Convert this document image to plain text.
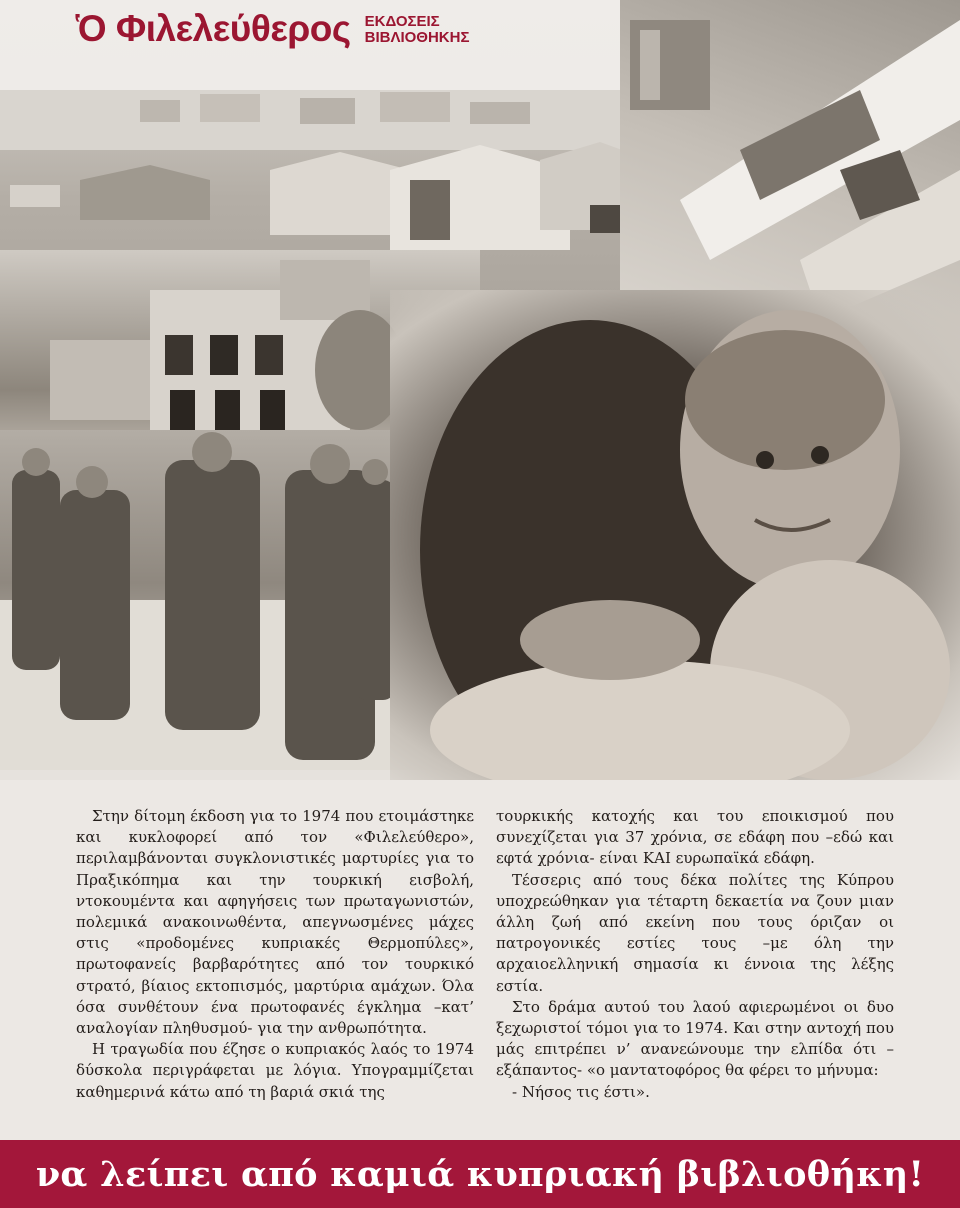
Ὁ Φιλελεύθερος ΕΚΔΟΣΕΙΣ
ΒΙΒΛΙΟΘΗΚΗΣ

Στην δίτομη έκδοση για το 1974 που ετοιμάστηκε και κυκλοφορεί από τον «Φιλελεύθερο», περιλαμβάνονται συγκλονιστικές μαρτυρίες για το Πραξικόπημα και την τουρκική εισβολή, ντοκουμέντα και αφηγήσεις των πρωταγωνιστών, πολεμικά ανακοινωθέντα, απεγνωσμένες μάχες στις «προδομένες κυπριακές Θερμοπύλες», πρωτοφανείς βαρβαρότητες από τον τουρκικό στρατό, βίαιος εκτοπισμός, μαρτύρια αμάχων. Όλα όσα συνθέτουν ένα πρωτοφανές έγκλημα –κατ’ αναλογίαν πληθυσμού- για την ανθρωπότητα.

Η τραγωδία που έζησε ο κυπριακός λαός το 1974 δύσκολα περιγράφεται με λόγια. Υπογραμμίζεται καθημερινά κάτω από τη βαριά σκιά της

τουρκικής κατοχής και του εποικισμού που συνεχίζεται για 37 χρόνια, σε εδάφη που –εδώ και εφτά χρόνια- είναι ΚΑΙ ευρωπαϊκά εδάφη.

Τέσσερις από τους δέκα πολίτες της Κύπρου υποχρεώθηκαν για τέταρτη δεκαετία να ζουν μιαν άλλη ζωή από εκείνη που τους όριζαν οι πατρογονικές εστίες τους –με όλη την αρχαιοελληνική σημασία κι έννοια της λέξης εστία.

Στο δράμα αυτού του λαού αφιερωμένοι οι δυο ξεχωριστοί τόμοι για το 1974. Και στην αντοχή που μάς επιτρέπει ν’ ανανεώνουμε την ελπίδα ότι –εξάπαντος- «ο μαντατοφόρος θα φέρει το μήνυμα:

- Νήσος τις έστι».

να λείπει από καμιά κυπριακή βιβλιοθήκη!
